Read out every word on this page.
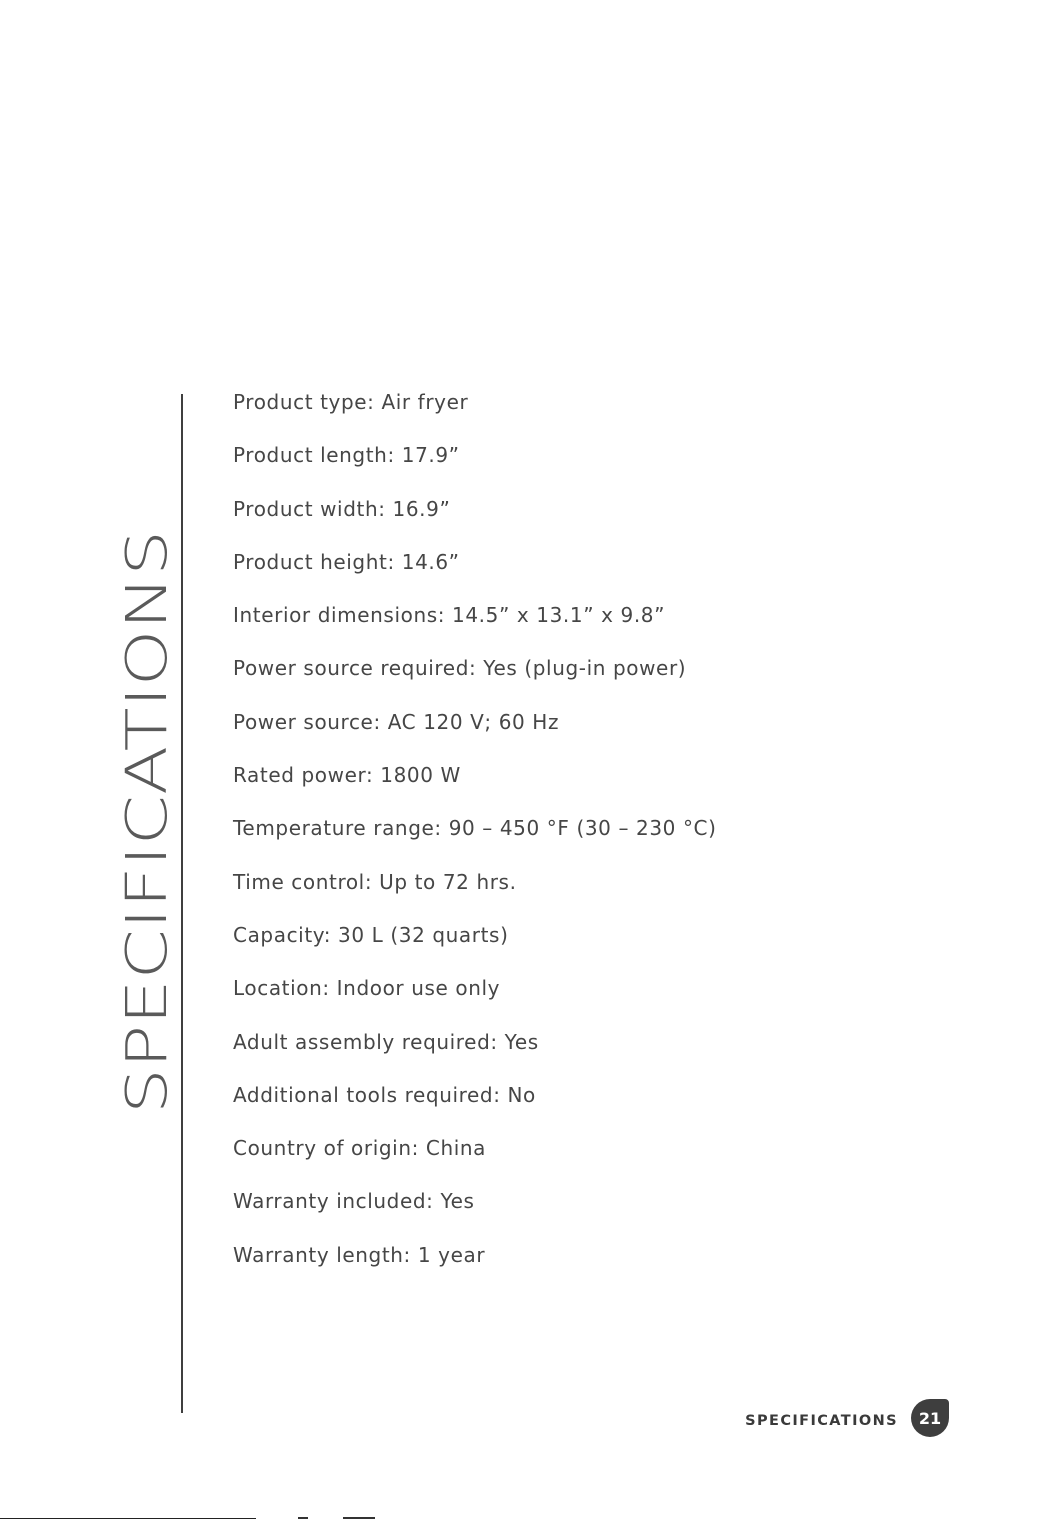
SPECIFICATIONS
Product type: Air fryer
Product length: 17.9”
Product width: 16.9”
Product height: 14.6”
Interior dimensions: 14.5” x 13.1” x 9.8”
Power source required: Yes (plug-in power)
Power source: AC 120 V; 60 Hz
Rated power: 1800 W
Temperature range: 90 – 450 °F (30 – 230 °C)
Time control: Up to 72 hrs.
Capacity: 30 L (32 quarts)
Location: Indoor use only
Adult assembly required: Yes
Additional tools required: No
Country of origin: China
Warranty included: Yes
Warranty length: 1 year
SPECIFICATIONS 21
